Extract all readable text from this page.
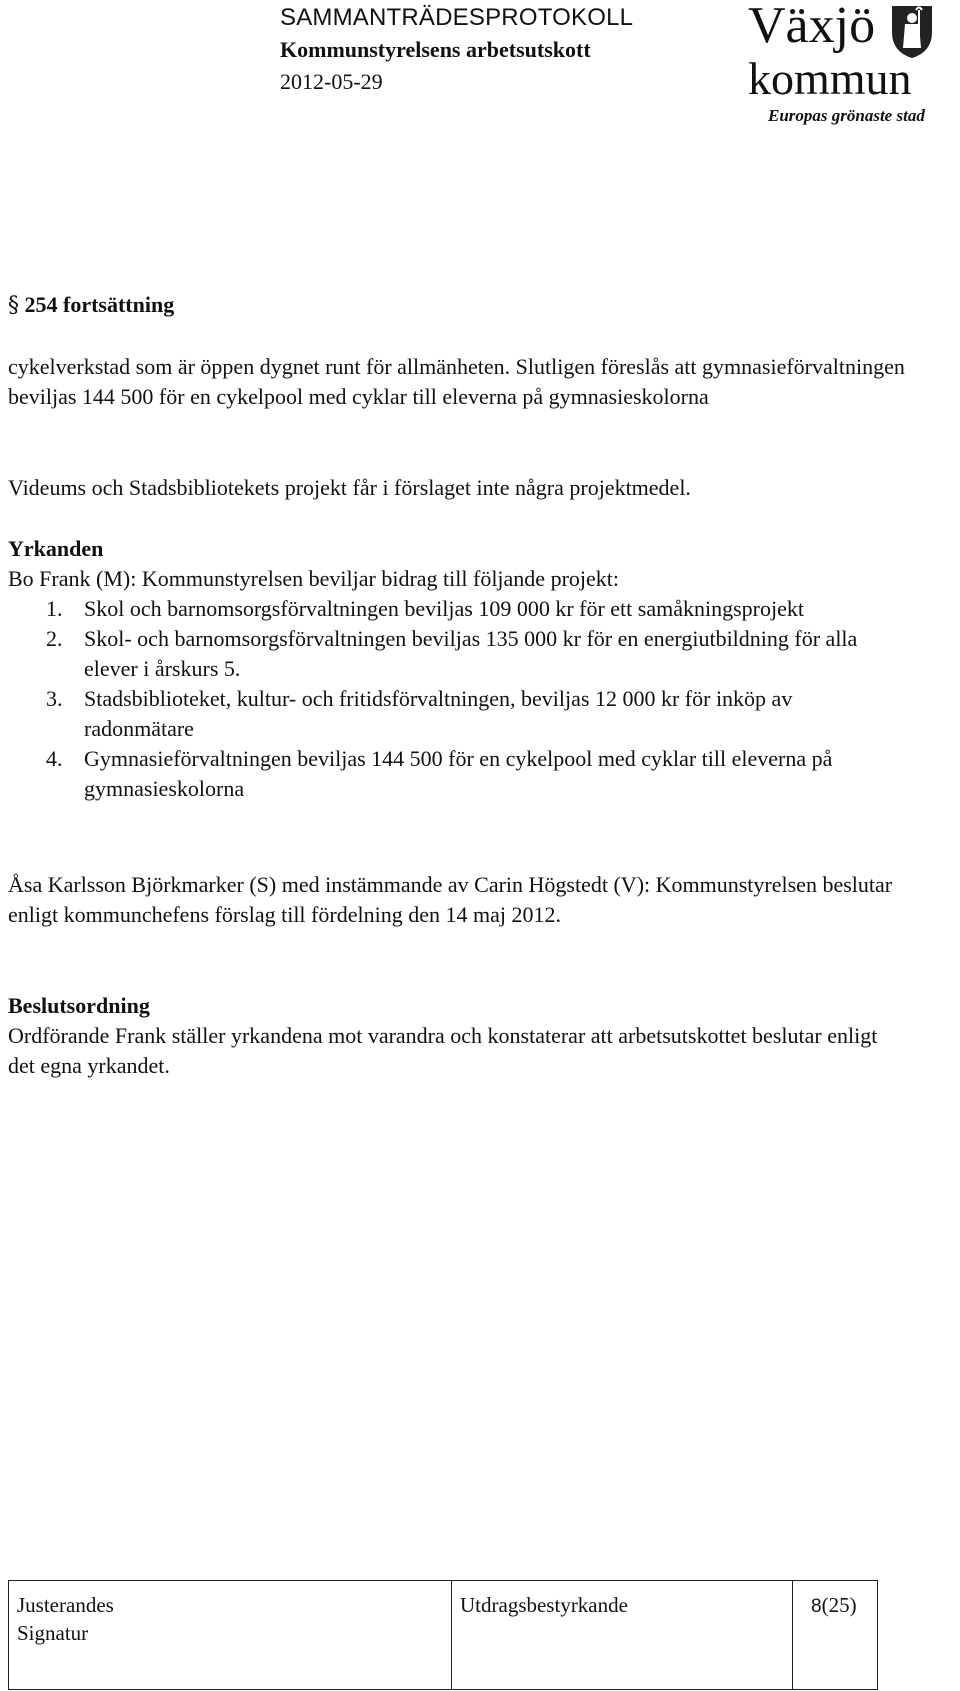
SAMMANTRÄDESPROTOKOLL
Kommunstyrelsens arbetsutskott
2012-05-29
Växjö
kommun
Europas grönaste stad
§ 254 fortsättning
cykelverkstad som är öppen dygnet runt för allmänheten. Slutligen föreslås att gymnasieförvaltningen beviljas 144 500 för en cykelpool med cyklar till eleverna på gymnasieskolorna
Videums och Stadsbibliotekets projekt får i förslaget inte några projektmedel.
Yrkanden
Bo Frank (M): Kommunstyrelsen beviljar bidrag till följande projekt:
1. Skol och barnomsorgsförvaltningen beviljas 109 000 kr för ett samåkningsprojekt
2. Skol- och barnomsorgsförvaltningen beviljas 135 000 kr för en energiutbildning för alla elever i årskurs 5.
3. Stadsbiblioteket, kultur- och fritidsförvaltningen, beviljas 12 000 kr för inköp av radonmätare
4. Gymnasieförvaltningen beviljas 144 500 för en cykelpool med cyklar till eleverna på gymnasieskolorna
Åsa Karlsson Björkmarker (S) med instämmande av Carin Högstedt (V): Kommunstyrelsen beslutar enligt kommunchefens förslag till fördelning den 14 maj 2012.
Beslutsordning
Ordförande Frank ställer yrkandena mot varandra och konstaterar att arbetsutskottet beslutar enligt det egna yrkandet.
Justerandes
Signatur
Utdragsbestyrkande	8(25)
